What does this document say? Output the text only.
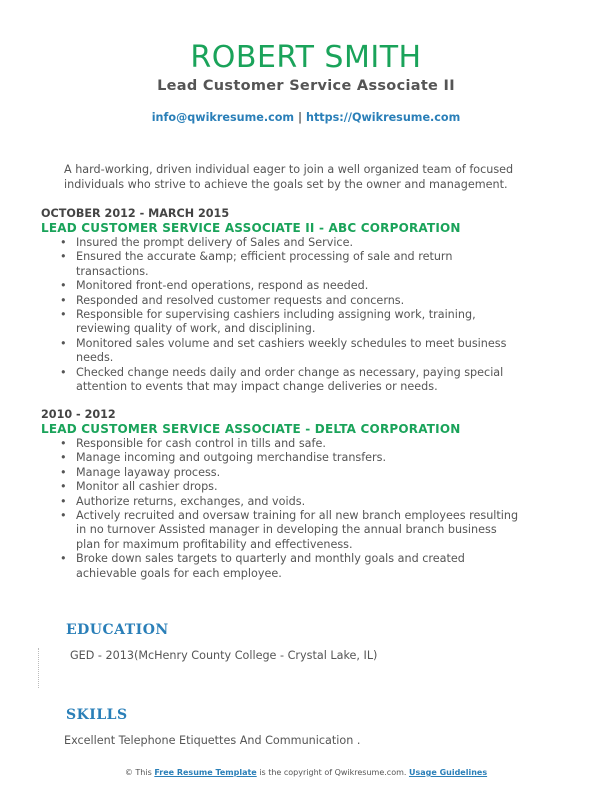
ROBERT SMITH
Lead Customer Service Associate II
info@qwikresume.com | https://Qwikresume.com
A hard-working, driven individual eager to join a well organized team of focused individuals who strive to achieve the goals set by the owner and management.
OCTOBER 2012 - MARCH 2015
LEAD CUSTOMER SERVICE ASSOCIATE II - ABC CORPORATION
• Insured the prompt delivery of Sales and Service.
• Ensured the accurate &amp; efficient processing of sale and return transactions.
• Monitored front-end operations, respond as needed.
• Responded and resolved customer requests and concerns.
• Responsible for supervising cashiers including assigning work, training, reviewing quality of work, and disciplining.
• Monitored sales volume and set cashiers weekly schedules to meet business needs.
• Checked change needs daily and order change as necessary, paying special attention to events that may impact change deliveries or needs.
2010 - 2012
LEAD CUSTOMER SERVICE ASSOCIATE - DELTA CORPORATION
• Responsible for cash control in tills and safe.
• Manage incoming and outgoing merchandise transfers.
• Manage layaway process.
• Monitor all cashier drops.
• Authorize returns, exchanges, and voids.
• Actively recruited and oversaw training for all new branch employees resulting in no turnover Assisted manager in developing the annual branch business plan for maximum profitability and effectiveness.
• Broke down sales targets to quarterly and monthly goals and created achievable goals for each employee.
EDUCATION
GED - 2013(McHenry County College - Crystal Lake, IL)
SKILLS
Excellent Telephone Etiquettes And Communication .
© This Free Resume Template is the copyright of Qwikresume.com. Usage Guidelines
